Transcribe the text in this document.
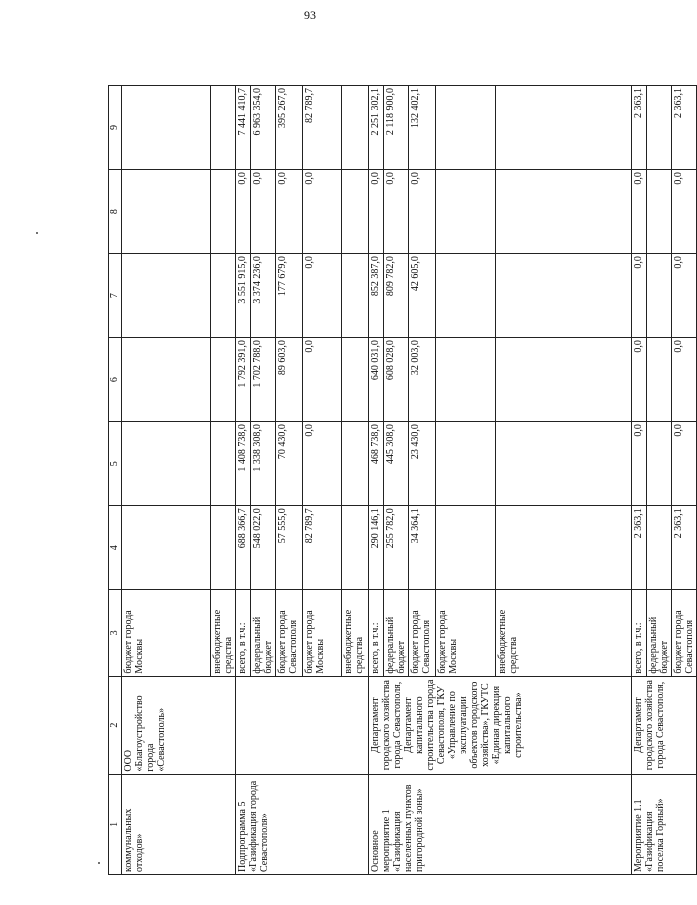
93
1	2	3	4	5	6	7	8	9
коммунальных отходов»	ООО «Благоустройство города «Севастополь»	бюджет города Москвы						
		внебюджетные средства						
Подпрограмма 5 «Газификация города Севастополя»		всего, в т.ч.:	688 366,7	1 408 738,0	1 792 391,0	3 551 915,0	0,0	7 441 410,7
		федеральный бюджет	548 022,0	1 338 308,0	1 702 788,0	3 374 236,0	0,0	6 963 354,0
		бюджет города Севастополя	57 555,0	70 430,0	89 603,0	177 679,0	0,0	395 267,0
		бюджет города Москвы	82 789,7	0,0	0,0	0,0	0,0	82 789,7
		внебюджетные средства						
Основное мероприятие 1 «Газификация населенных пунктов пригородной зоны»	Департамент городского хозяйства города Севастополя, Департамент капитального строительства города Севастополя, ГКУ «Управление по эксплуатации объектов городского хозяйства», ГКУТС «Единая дирекция капитального строительства»	всего, в т.ч.:	290 146,1	468 738,0	640 031,0	852 387,0	0,0	2 251 302,1
		федеральный бюджет	255 782,0	445 308,0	608 028,0	809 782,0	0,0	2 118 900,0
		бюджет города Севастополя	34 364,1	23 430,0	32 003,0	42 605,0	0,0	132 402,1
		бюджет города Москвы						
		внебюджетные средства						
Мероприятие 1.1 «Газификация поселка Горный»	Департамент городского хозяйства города Севастополя,	всего, в т.ч.:	2 363,1	0,0	0,0	0,0	0,0	2 363,1
		федеральный бюджет						
		бюджет города Севастополя	2 363,1	0,0	0,0	0,0	0,0	2 363,1
